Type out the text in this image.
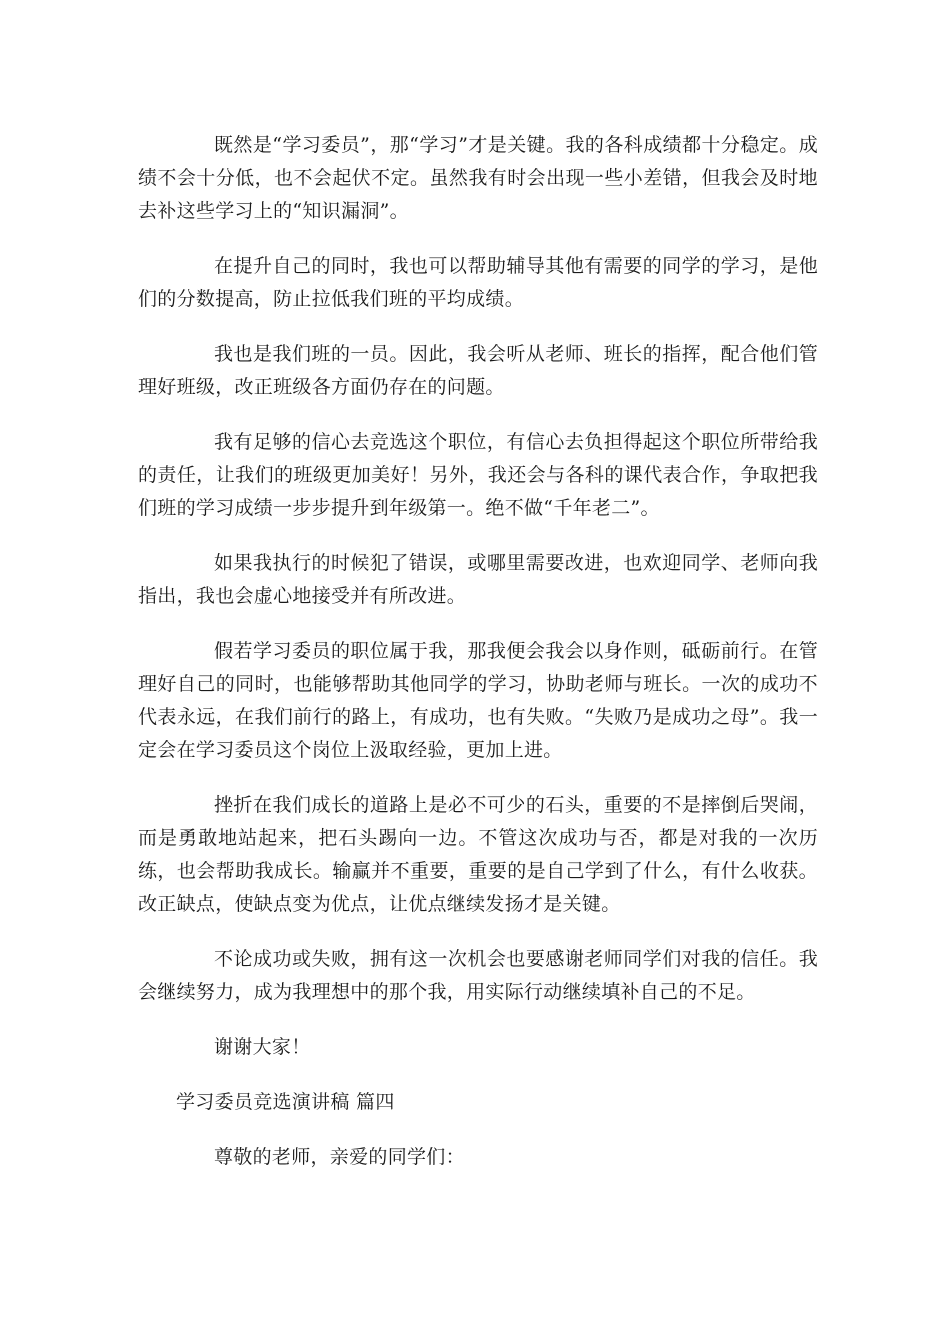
既然是“学习委员”，那“学习”才是关键。我的各科成绩都十分稳定。成绩不会十分低，也不会起伏不定。虽然我有时会出现一些小差错，但我会及时地去补这些学习上的“知识漏洞”。

在提升自己的同时，我也可以帮助辅导其他有需要的同学的学习，是他们的分数提高，防止拉低我们班的平均成绩。

我也是我们班的一员。因此，我会听从老师、班长的指挥，配合他们管理好班级，改正班级各方面仍存在的问题。

我有足够的信心去竞选这个职位，有信心去负担得起这个职位所带给我的责任，让我们的班级更加美好！另外，我还会与各科的课代表合作，争取把我们班的学习成绩一步步提升到年级第一。绝不做“千年老二”。

如果我执行的时候犯了错误，或哪里需要改进，也欢迎同学、老师向我指出，我也会虚心地接受并有所改进。

假若学习委员的职位属于我，那我便会我会以身作则，砥砺前行。在管理好自己的同时，也能够帮助其他同学的学习，协助老师与班长。一次的成功不代表永远，在我们前行的路上，有成功，也有失败。“失败乃是成功之母”。我一定会在学习委员这个岗位上汲取经验，更加上进。

挫折在我们成长的道路上是必不可少的石头，重要的不是摔倒后哭闹，而是勇敢地站起来，把石头踢向一边。不管这次成功与否，都是对我的一次历练，也会帮助我成长。输赢并不重要，重要的是自己学到了什么，有什么收获。改正缺点，使缺点变为优点，让优点继续发扬才是关键。

不论成功或失败，拥有这一次机会也要感谢老师同学们对我的信任。我会继续努力，成为我理想中的那个我，用实际行动继续填补自己的不足。

谢谢大家！

学习委员竞选演讲稿 篇四

尊敬的老师，亲爱的同学们：
